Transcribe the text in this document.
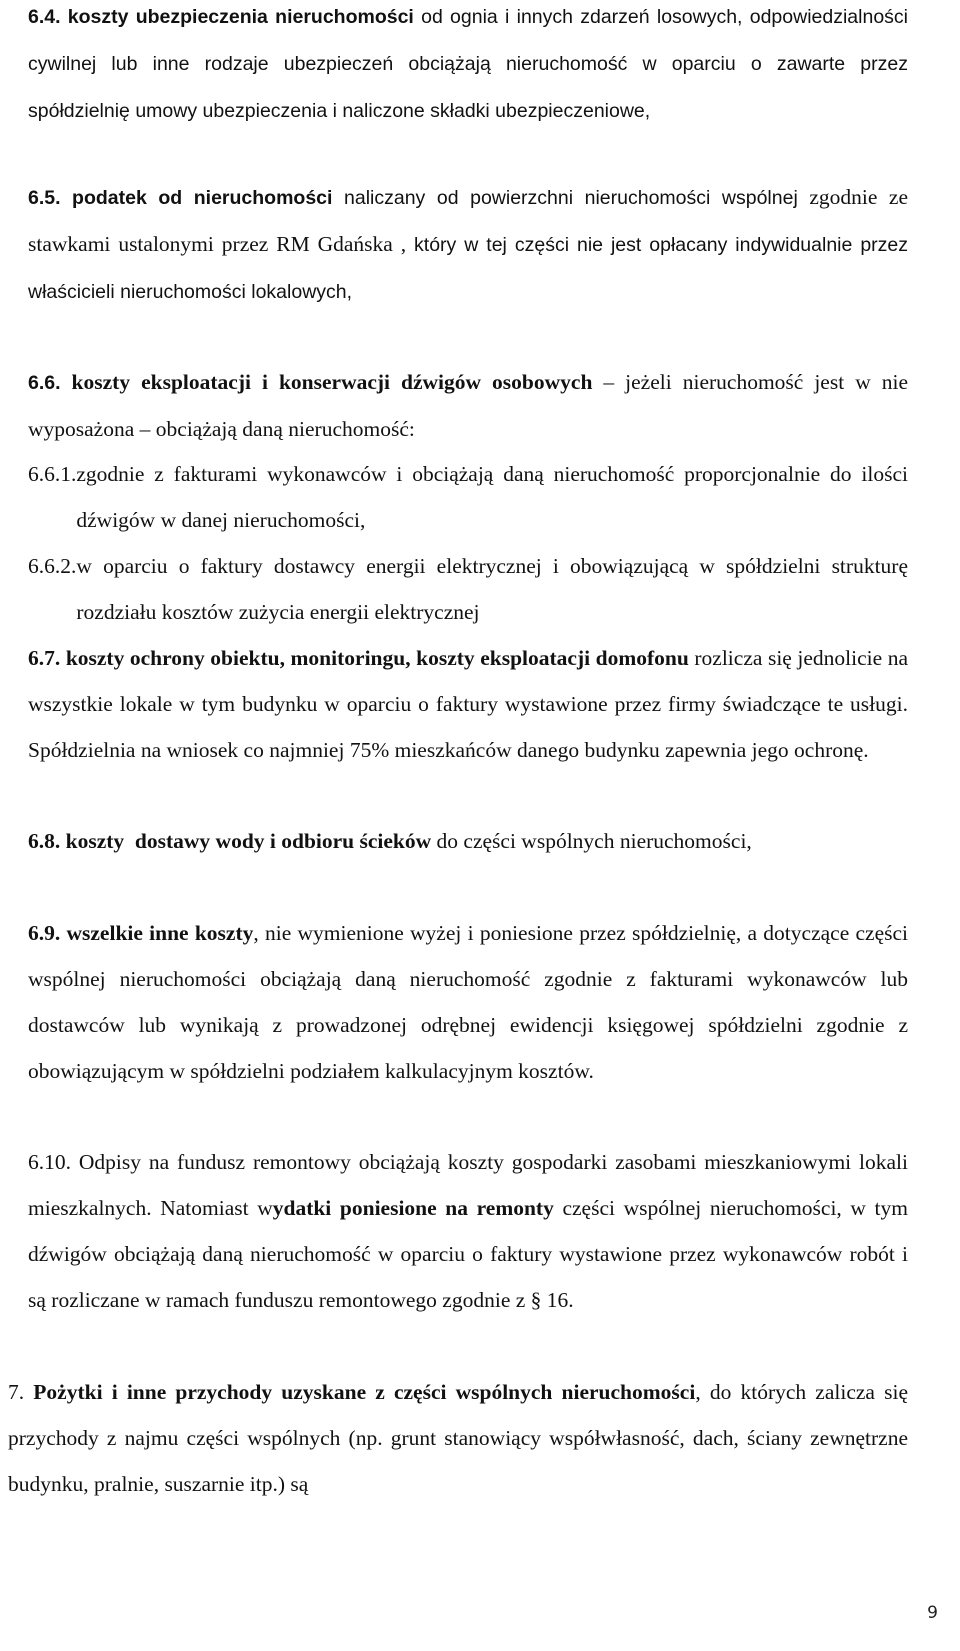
6.4. koszty ubezpieczenia nieruchomości od ognia i innych zdarzeń losowych, odpowiedzialności cywilnej lub inne rodzaje ubezpieczeń obciążają nieruchomość w oparciu o zawarte przez spółdzielnię umowy ubezpieczenia i naliczone składki ubezpieczeniowe,
6.5. podatek od nieruchomości naliczany od powierzchni nieruchomości wspólnej zgodnie ze stawkami ustalonymi przez RM Gdańska , który w tej części nie jest opłacany indywidualnie przez właścicieli nieruchomości lokalowych,
6.6. koszty eksploatacji i konserwacji dźwigów osobowych – jeżeli nieruchomość jest w nie wyposażona – obciążają daną nieruchomość:
6.6.1. zgodnie z fakturami wykonawców i obciążają daną nieruchomość proporcjonalnie do ilości dźwigów w danej nieruchomości,
6.6.2. w oparciu o faktury dostawcy energii elektrycznej i obowiązującą w spółdzielni strukturę rozdziału kosztów zużycia energii elektrycznej
6.7. koszty ochrony obiektu, monitoringu, koszty eksploatacji domofonu rozlicza się jednolicie na wszystkie lokale w tym budynku w oparciu o faktury wystawione przez firmy świadczące te usługi. Spółdzielnia na wniosek co najmniej 75% mieszkańców danego budynku zapewnia jego ochronę.
6.8. koszty  dostawy wody i odbioru ścieków do części wspólnych nieruchomości,
6.9. wszelkie inne koszty, nie wymienione wyżej i poniesione przez spółdzielnię, a dotyczące części wspólnej nieruchomości obciążają daną nieruchomość zgodnie z fakturami wykonawców lub dostawców lub wynikają z prowadzonej odrębnej ewidencji księgowej spółdzielni zgodnie z obowiązującym w spółdzielni podziałem kalkulacyjnym kosztów.
6.10. Odpisy na fundusz remontowy obciążają koszty gospodarki zasobami mieszkaniowymi lokali mieszkalnych. Natomiast wydatki poniesione na remonty części wspólnej nieruchomości, w tym dźwigów obciążają daną nieruchomość w oparciu o faktury wystawione przez wykonawców robót i są rozliczane w ramach funduszu remontowego zgodnie z § 16.
7. Pożytki i inne przychody uzyskane z części wspólnych nieruchomości, do których zalicza się przychody z najmu części wspólnych (np. grunt stanowiący współwłasność, dach, ściany zewnętrzne budynku, pralnie, suszarnie itp.) są
9
